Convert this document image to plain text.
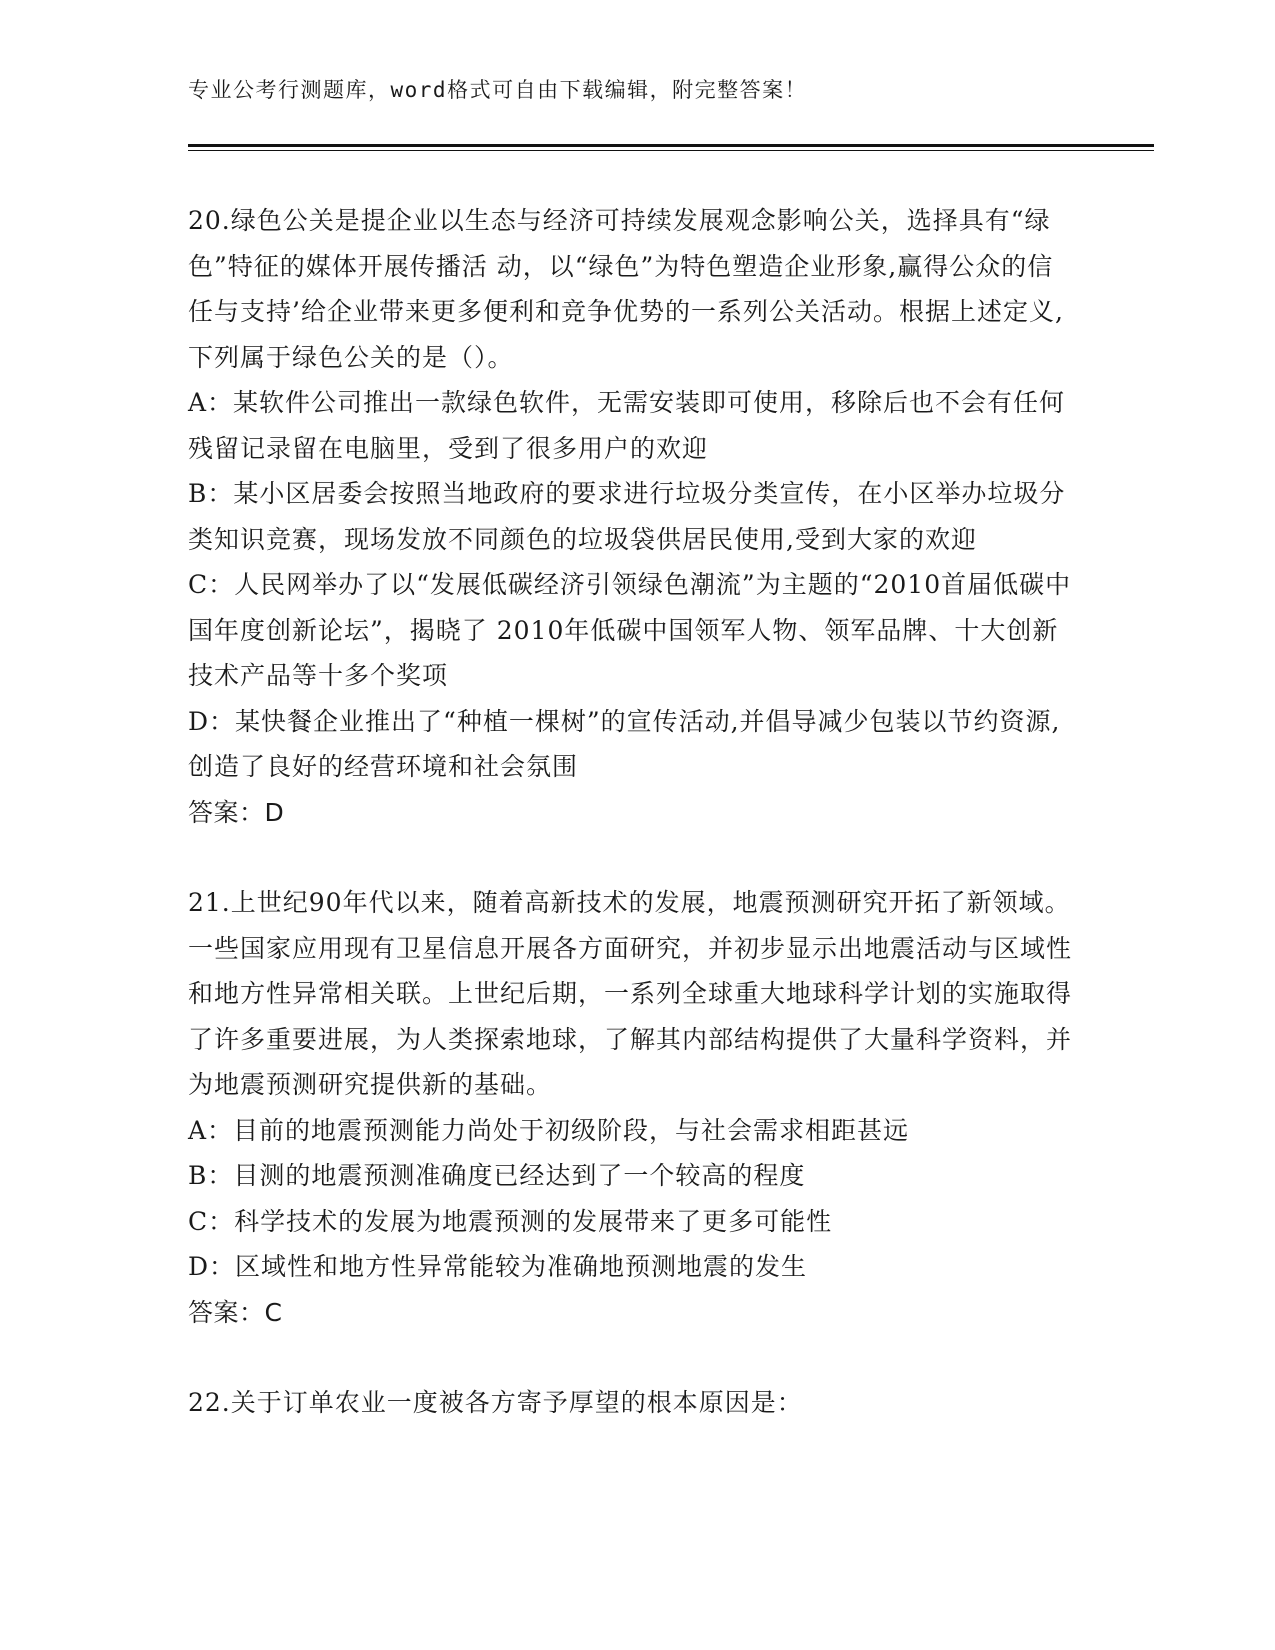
专业公考行测题库，word格式可自由下载编辑，附完整答案！

20.绿色公关是提企业以生态与经济可持续发展观念影响公关，选择具有“绿色”特征的媒体开展传播活 动，以“绿色”为特色塑造企业形象,赢得公众的信任与支持’给企业带来更多便利和竞争优势的一系列公关活动。根据上述定义,下列属于绿色公关的是（）。

A：某软件公司推出一款绿色软件，无需安装即可使用，移除后也不会有任何残留记录留在电脑里，受到了很多用户的欢迎

B：某小区居委会按照当地政府的要求进行垃圾分类宣传，在小区举办垃圾分类知识竞赛，现场发放不同颜色的垃圾袋供居民使用,受到大家的欢迎

C：人民网举办了以“发展低碳经济引领绿色潮流”为主题的“2010首届低碳中国年度创新论坛”，揭晓了 2010年低碳中国领军人物、领军品牌、十大创新技术产品等十多个奖项

D：某快餐企业推出了“种植一棵树”的宣传活动,并倡导减少包装以节约资源,创造了良好的经营环境和社会氛围

答案：D

21.上世纪90年代以来，随着高新技术的发展，地震预测研究开拓了新领域。一些国家应用现有卫星信息开展各方面研究，并初步显示出地震活动与区域性和地方性异常相关联。上世纪后期，一系列全球重大地球科学计划的实施取得了许多重要进展，为人类探索地球，了解其内部结构提供了大量科学资料，并为地震预测研究提供新的基础。

A：目前的地震预测能力尚处于初级阶段，与社会需求相距甚远

B：目测的地震预测准确度已经达到了一个较高的程度

C：科学技术的发展为地震预测的发展带来了更多可能性

D：区域性和地方性异常能较为准确地预测地震的发生

答案：C

22.关于订单农业一度被各方寄予厚望的根本原因是：
